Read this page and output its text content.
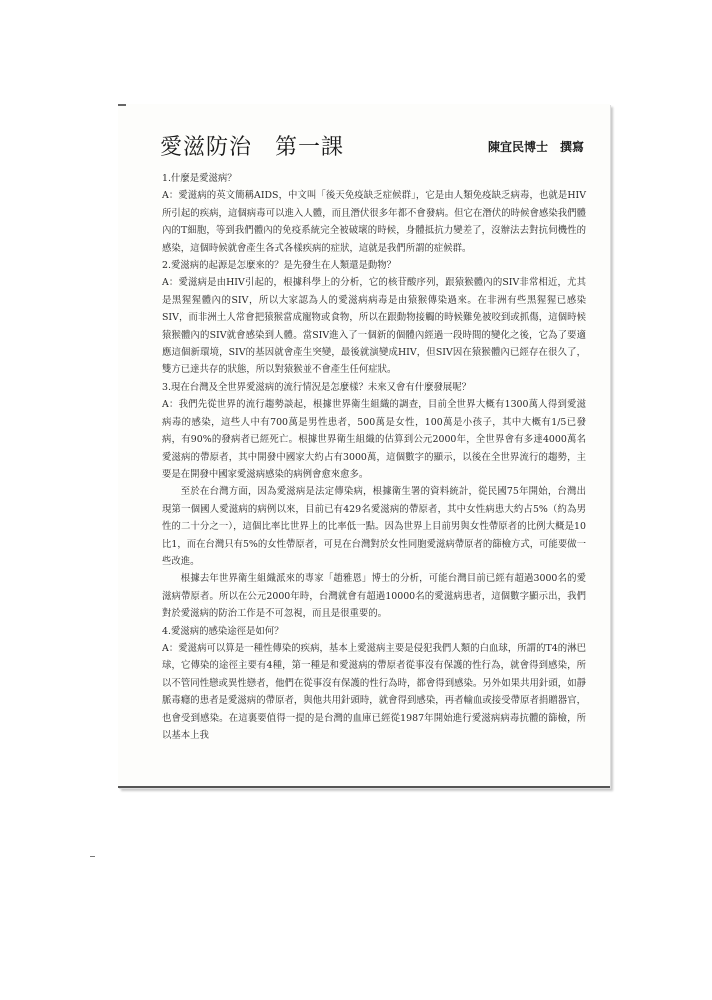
愛滋防治　第一課	陳宜民博士　撰寫

1.什麼是愛滋病？

A：愛滋病的英文簡稱AIDS，中文叫「後天免疫缺乏症候群」，它是由人類免疫缺乏病毒，也就是HIV所引起的疾病，這個病毒可以進入人體，而且潛伏很多年都不會發病。但它在潛伏的時候會感染我們體內的T細胞，等到我們體內的免疫系統完全被破壞的時候，身體抵抗力變差了，沒辦法去對抗伺機性的感染，這個時候就會產生各式各樣疾病的症狀，這就是我們所謂的症候群。

2.愛滋病的起源是怎麼來的？是先發生在人類還是動物？

A：愛滋病是由HIV引起的，根據科學上的分析，它的核苷酸序列，跟猿猴體內的SIV非常相近，尤其是黑猩猩體內的SIV，所以大家認為人的愛滋病病毒是由猿猴傳染過來。在非洲有些黑猩猩已感染SIV，而非洲土人常會把猿猴當成寵物或食物，所以在跟動物接觸的時候難免被咬到或抓傷，這個時候猿猴體內的SIV就會感染到人體。當SIV進入了一個新的個體內經過一段時間的變化之後，它為了要適應這個新環境，SIV的基因就會產生突變，最後就演變成HIV，但SIV因在猿猴體內已經存在很久了，雙方已達共存的狀態，所以對猿猴並不會產生任何症狀。

3.現在台灣及全世界愛滋病的流行情況是怎麼樣？未來又會有什麼發展呢？

A：我們先從世界的流行趨勢談起，根據世界衛生組織的調查，目前全世界大概有1300萬人得到愛滋病毒的感染，這些人中有700萬是男性患者，500萬是女性，100萬是小孩子，其中大概有1/5已發病，有90%的發病者已經死亡。根據世界衛生組織的估算到公元2000年，全世界會有多達4000萬名愛滋病的帶原者，其中開發中國家大約占有3000萬，這個數字的顯示，以後在全世界流行的趨勢，主要是在開發中國家愛滋病感染的病例會愈來愈多。

至於在台灣方面，因為愛滋病是法定傳染病，根據衛生署的資料統計，從民國75年開始，台灣出現第一個國人愛滋病的病例以來，目前已有429名愛滋病的帶原者，其中女性病患大約占5%（約為男性的二十分之一），這個比率比世界上的比率低一點。因為世界上目前男與女性帶原者的比例大概是10比1，而在台灣只有5%的女性帶原者，可見在台灣對於女性同胞愛滋病帶原者的篩檢方式，可能要做一些改進。

根據去年世界衛生組織派來的專家「趙雅恩」博士的分析，可能台灣目前已經有超過3000名的愛滋病帶原者。所以在公元2000年時，台灣就會有超過10000名的愛滋病患者，這個數字顯示出，我們對於愛滋病的防治工作是不可忽視，而且是很重要的。

4.愛滋病的感染途徑是如何？

A：愛滋病可以算是一種性傳染的疾病，基本上愛滋病主要是侵犯我們人類的白血球，所謂的T4的淋巴球，它傳染的途徑主要有4種，第一種是和愛滋病的帶原者從事沒有保護的性行為，就會得到感染，所以不管同性戀或異性戀者，他們在從事沒有保護的性行為時，都會得到感染。另外如果共用針頭，如靜脈毒癮的患者是愛滋病的帶原者，與他共用針頭時，就會得到感染，再者輸血或接受帶原者捐贈器官，也會受到感染。在這裏要值得一提的是台灣的血庫已經從1987年開始進行愛滋病病毒抗體的篩檢，所以基本上我
